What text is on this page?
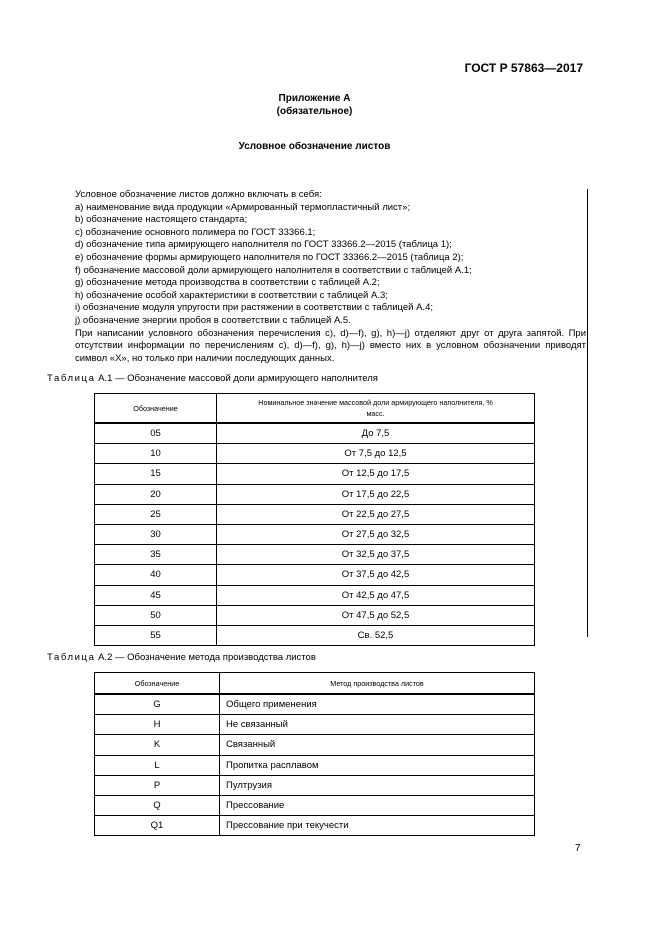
ГОСТ Р 57863—2017
Приложение А
(обязательное)
Условное обозначение листов
Условное обозначение листов должно включать в себя:
а) наименование вида продукции «Армированный термопластичный лист»;
b) обозначение настоящего стандарта;
c) обозначение основного полимера по ГОСТ 33366.1;
d) обозначение типа армирующего наполнителя по ГОСТ 33366.2—2015 (таблица 1);
e) обозначение формы армирующего наполнителя по ГОСТ 33366.2—2015 (таблица 2);
f) обозначение массовой доли армирующего наполнителя в соответствии с таблицей А.1;
g) обозначение метода производства в соответствии с таблицей А.2;
h) обозначение особой характеристики в соответствии с таблицей А.3;
i) обозначение модуля упругости при растяжении в соответствии с таблицей А.4;
j) обозначение энергии пробоя в соответствии с таблицей А.5.
При написании условного обозначения перечисления с), d)—f), g), h)—j) отделяют друг от друга запятой. При отсутствии информации по перечислениям с), d)—f), g), h)—j) вместо них в условном обозначении приводят символ «Х», но только при наличии последующих данных.
Таблица А.1 — Обозначение массовой доли армирующего наполнителя
Обозначение	Номинальное значение массовой доли армирующего наполнителя, % масс.
05	До 7,5
10	От 7,5 до 12,5
15	От 12,5 до 17,5
20	От 17,5 до 22,5
25	От 22,5 до 27,5
30	От 27,5 до 32,5
35	От 32,5 до 37,5
40	От 37,5 до 42,5
45	От 42,5 до 47,5
50	От 47,5 до 52,5
55	Св. 52,5
Таблица А.2 — Обозначение метода производства листов
Обозначение	Метод производства листов
G	Общего применения
H	Не связанный
K	Связанный
L	Пропитка расплавом
P	Пултрузия
Q	Прессование
Q1	Прессование при текучести
7
